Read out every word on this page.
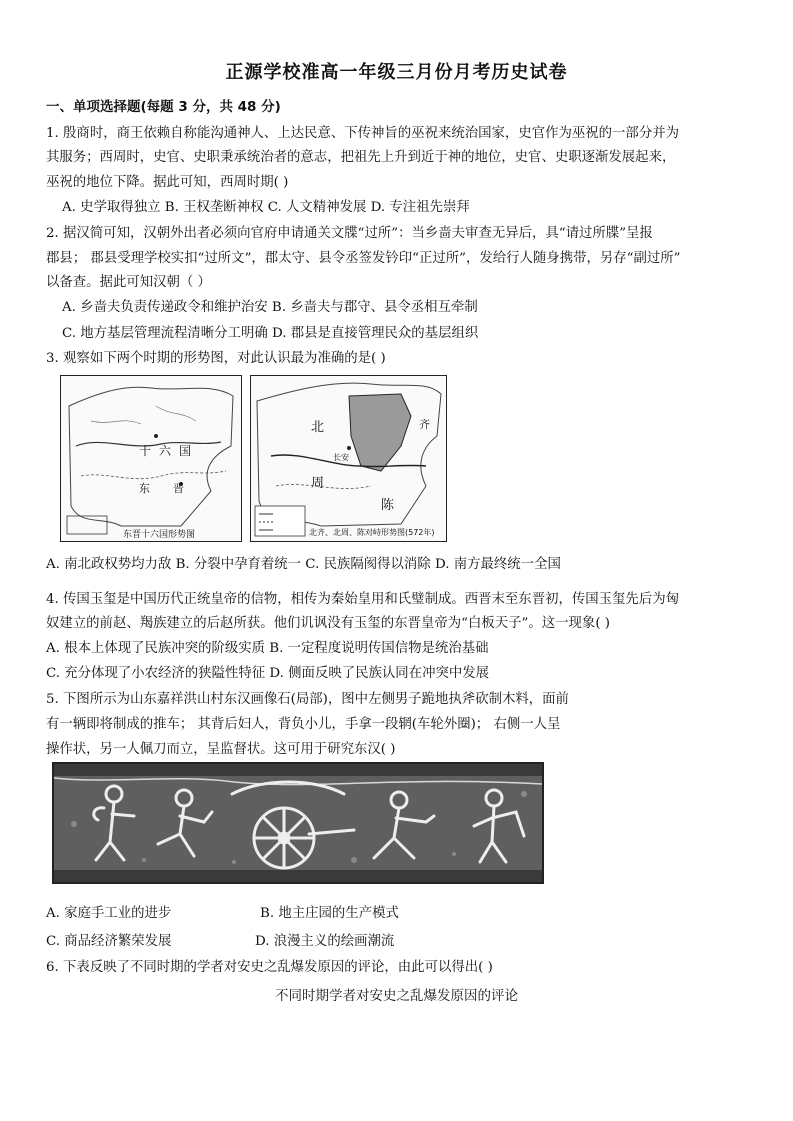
正源学校准高一年级三月份月考历史试卷
一、单项选择题(每题 3 分，共 48 分)
1. 殷商时，商王依赖自称能沟通神人、上达民意、下传神旨的巫祝来统治国家，史官作为巫祝的一部分并为
其服务；西周时，史官、史职秉承统治者的意志，把祖先上升到近于神的地位，史官、史职逐渐发展起来，
巫祝的地位下降。据此可知，西周时期( )
A. 史学取得独立 B. 王权垄断神权 C. 人文精神发展 D. 专注祖先崇拜
2. 据汉简可知，汉朝外出者必须向官府申请通关文牒“过所”：当乡啬夫审查无异后，具“请过所牒”呈报
郡县； 郡县受理学校实扣“过所文”，郡太守、县令丞签发钤印“正过所”，发给行人随身携带，另存“副过所”
以备查。据此可知汉朝（ ）
A. 乡啬夫负责传递政令和维护治安 B. 乡啬夫与郡守、县令丞相互牵制
C. 地方基层管理流程清晰分工明确 D. 郡县是直接管理民众的基层组织
3. 观察如下两个时期的形势图，对此认识最为准确的是( )
十 六 国
东 晋
东晋十六国形势图
北
周
陈
齐
长安
北齐、北周、陈对峙形势图(572年)
A. 南北政权势均力敌 B. 分裂中孕育着统一 C. 民族隔阂得以消除 D. 南方最终统一全国
4. 传国玉玺是中国历代正统皇帝的信物，相传为秦始皇用和氏璧制成。西晋末至东晋初，传国玉玺先后为匈
奴建立的前赵、羯族建立的后赵所获。他们讥讽没有玉玺的东晋皇帝为“白板天子”。这一现象( )
A. 根本上体现了民族冲突的阶级实质 B. 一定程度说明传国信物是统治基础
C. 充分体现了小农经济的狭隘性特征 D. 侧面反映了民族认同在冲突中发展
5. 下图所示为山东嘉祥洪山村东汉画像石(局部)，图中左侧男子跪地执斧砍制木料，面前
有一辆即将制成的推车； 其背后妇人，背负小儿，手拿一段辋(车轮外圈)； 右侧一人呈
操作状，另一人佩刀而立，呈监督状。这可用于研究东汉( )
A. 家庭手工业的进步	B. 地主庄园的生产模式
C. 商品经济繁荣发展	D. 浪漫主义的绘画潮流
6. 下表反映了不同时期的学者对安史之乱爆发原因的评论，由此可以得出( )
不同时期学者对安史之乱爆发原因的评论
